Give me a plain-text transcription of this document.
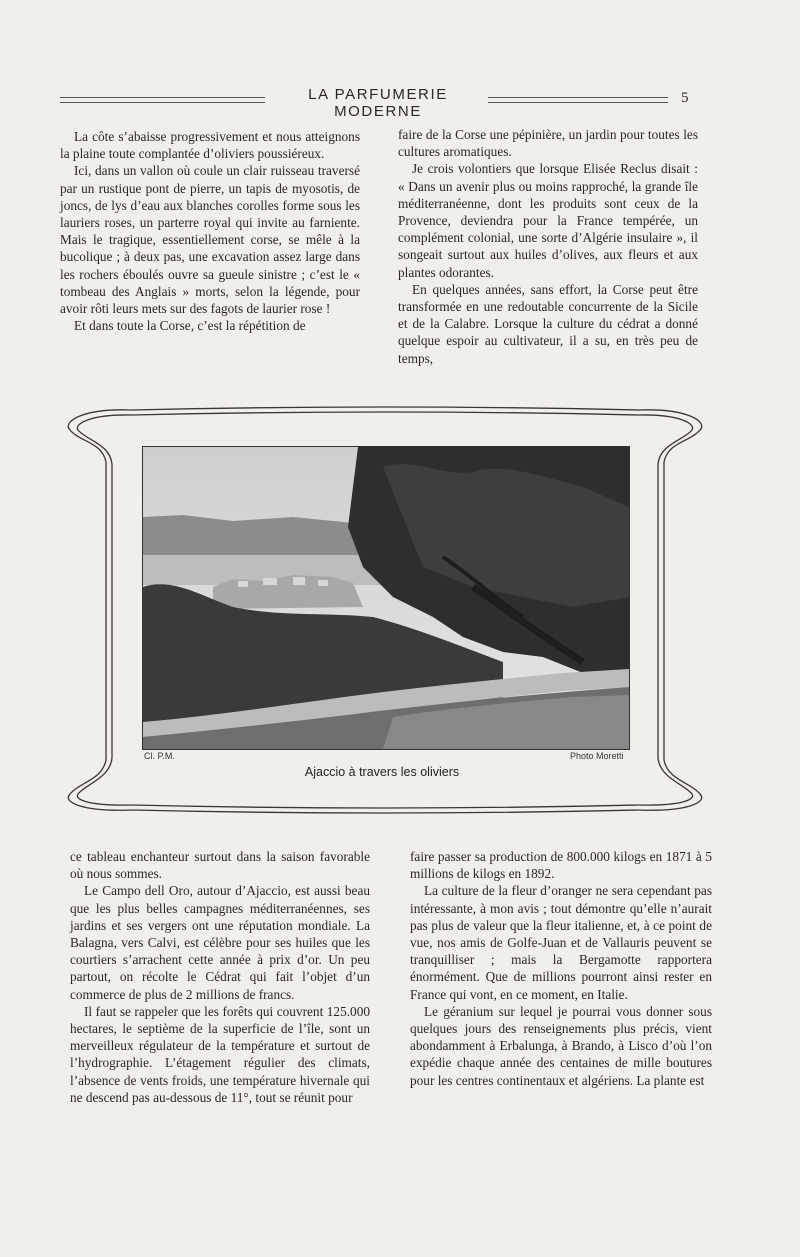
LA PARFUMERIE MODERNE
5

La côte s’abaisse progressivement et nous atteignons la plaine toute complantée d’oliviers poussiéreux.

Ici, dans un vallon où coule un clair ruisseau traversé par un rustique pont de pierre, un tapis de myosotis, de joncs, de lys d’eau aux blanches corolles forme sous les lauriers roses, un parterre royal qui invite au farniente. Mais le tragique, essentiellement corse, se mêle à la bucolique ; à deux pas, une excavation assez large dans les rochers éboulés ouvre sa gueule sinistre ; c’est le « tombeau des Anglais » morts, selon la légende, pour avoir rôti leurs mets sur des fagots de laurier rose !

Et dans toute la Corse, c’est la répétition de

faire de la Corse une pépinière, un jardin pour toutes les cultures aromatiques.

Je crois volontiers que lorsque Elisée Reclus disait : « Dans un avenir plus ou moins rapproché, la grande île méditerranéenne, dont les produits sont ceux de la Provence, deviendra pour la France tempérée, un complément colonial, une sorte d’Algérie insulaire », il songeait surtout aux huiles d’olives, aux fleurs et aux plantes odorantes.

En quelques années, sans effort, la Corse peut être transformée en une redoutable concurrente de la Sicile et de la Calabre. Lorsque la culture du cédrat a donné quelque espoir au cultivateur, il a su, en très peu de temps,

Cl. P.M.	Photo Moretti
Ajaccio à travers les oliviers

ce tableau enchanteur surtout dans la saison favorable où nous sommes.

Le Campo dell Oro, autour d’Ajaccio, est aussi beau que les plus belles campagnes méditerranéennes, ses jardins et ses vergers ont une réputation mondiale. La Balagna, vers Calvi, est célèbre pour ses huiles que les courtiers s’arrachent cette année à prix d’or. Un peu partout, on récolte le Cédrat qui fait l’objet d’un commerce de plus de 2 millions de francs.

Il faut se rappeler que les forêts qui couvrent 125.000 hectares, le septième de la superficie de l’île, sont un merveilleux régulateur de la température et surtout de l’hydrographie. L’étagement régulier des climats, l’absence de vents froids, une température hivernale qui ne descend pas au-dessous de 11°, tout se réunit pour

faire passer sa production de 800.000 kilogs en 1871 à 5 millions de kilogs en 1892.

La culture de la fleur d’oranger ne sera cependant pas intéressante, à mon avis ; tout démontre qu’elle n’aurait pas plus de valeur que la fleur italienne, et, à ce point de vue, nos amis de Golfe-Juan et de Vallauris peuvent se tranquilliser ; mais la Bergamotte rapportera énormément. Que de millions pourront ainsi rester en France qui vont, en ce moment, en Italie.

Le géranium sur lequel je pourrai vous donner sous quelques jours des renseignements plus précis, vient abondamment à Erbalunga, à Brando, à Lisco d’où l’on expédie chaque année des centaines de mille boutures pour les centres continentaux et algériens. La plante est
